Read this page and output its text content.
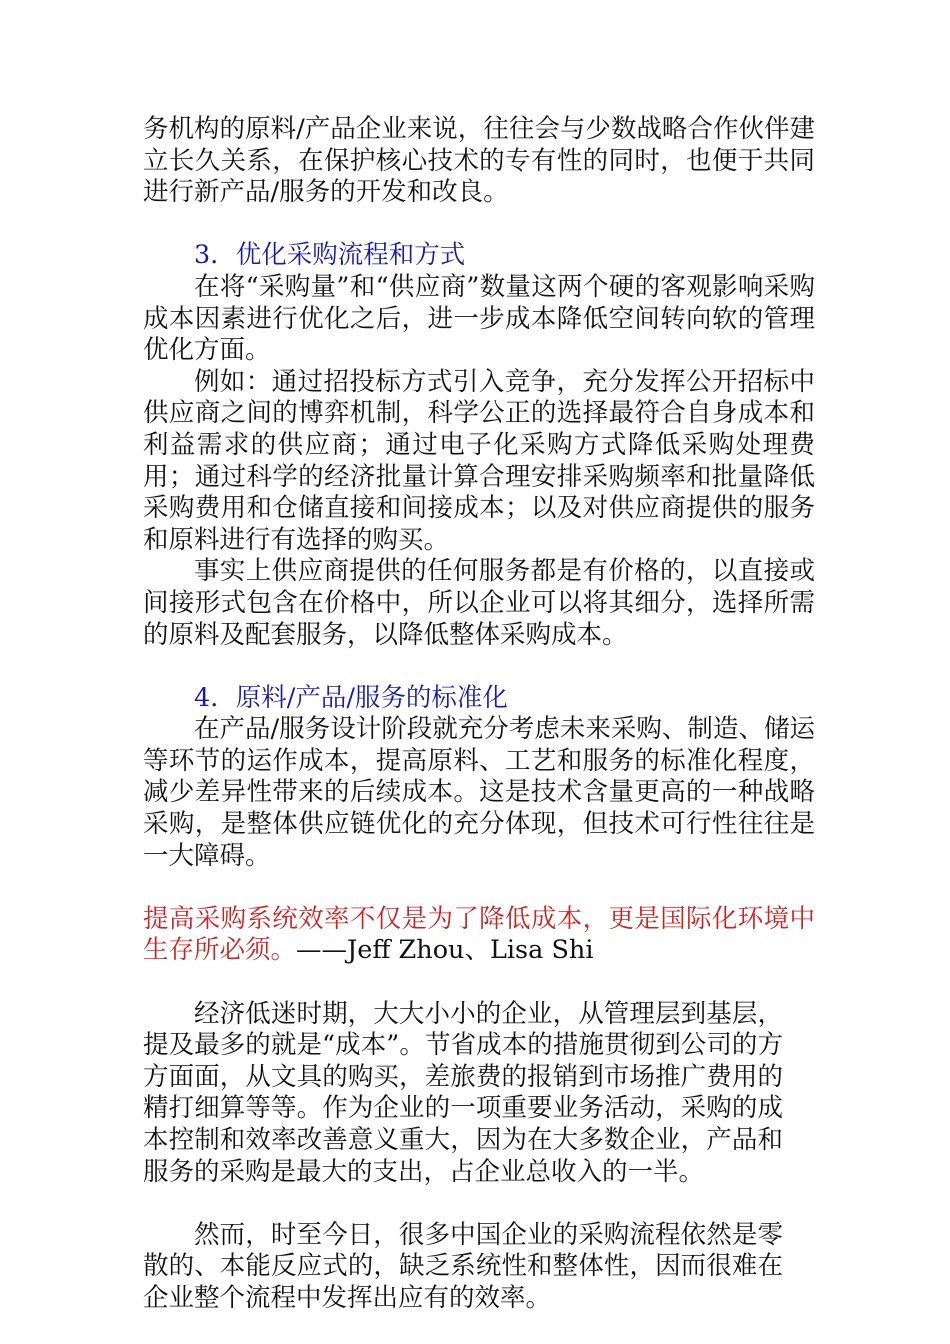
务机构的原料/产品企业来说，往往会与少数战略合作伙伴建立长久关系，在保护核心技术的专有性的同时，也便于共同进行新产品/服务的开发和改良。

3．优化采购流程和方式

在将“采购量”和“供应商”数量这两个硬的客观影响采购成本因素进行优化之后，进一步成本降低空间转向软的管理优化方面。

例如：通过招投标方式引入竞争，充分发挥公开招标中供应商之间的博弈机制，科学公正的选择最符合自身成本和利益需求的供应商；通过电子化采购方式降低采购处理费用；通过科学的经济批量计算合理安排采购频率和批量降低采购费用和仓储直接和间接成本；以及对供应商提供的服务和原料进行有选择的购买。

事实上供应商提供的任何服务都是有价格的，以直接或间接形式包含在价格中，所以企业可以将其细分，选择所需的原料及配套服务，以降低整体采购成本。

4．原料/产品/服务的标准化

在产品/服务设计阶段就充分考虑未来采购、制造、储运等环节的运作成本，提高原料、工艺和服务的标准化程度，减少差异性带来的后续成本。这是技术含量更高的一种战略采购，是整体供应链优化的充分体现，但技术可行性往往是一大障碍。

提高采购系统效率不仅是为了降低成本，更是国际化环境中生存所必须。——Jeff Zhou、Lisa Shi

经济低迷时期，大大小小的企业，从管理层到基层，提及最多的就是“成本”。节省成本的措施贯彻到公司的方方面面，从文具的购买，差旅费的报销到市场推广费用的精打细算等等。作为企业的一项重要业务活动，采购的成本控制和效率改善意义重大，因为在大多数企业，产品和服务的采购是最大的支出，占企业总收入的一半。

然而，时至今日，很多中国企业的采购流程依然是零散的、本能反应式的，缺乏系统性和整体性，因而很难在企业整个流程中发挥出应有的效率。
